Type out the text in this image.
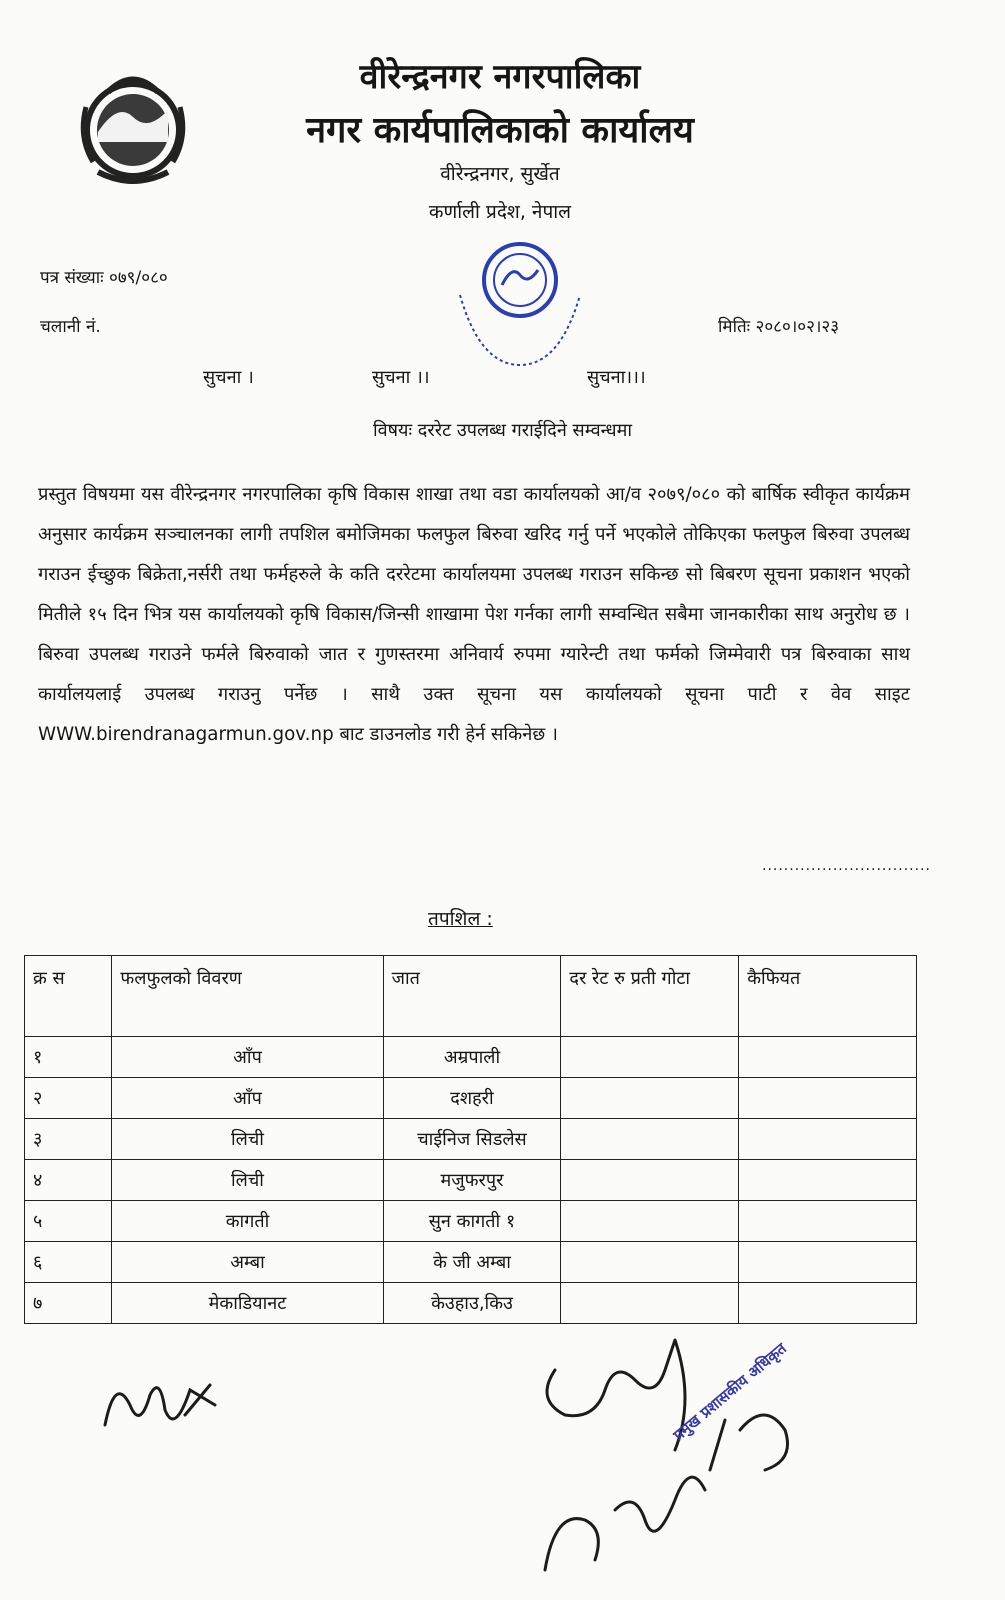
वीरेन्द्रनगर नगरपालिका
नगर कार्यपालिकाको कार्यालय
वीरेन्द्रनगर, सुर्खेत
कर्णाली प्रदेश, नेपाल
पत्र संख्याः ०७९/०८०
चलानी नं.	मितिः २०८०।०२।२३
सुचना ।	सुचना ।।	सुचना।।।
विषयः दररेट उपलब्ध गराईदिने सम्वन्धमा
प्रस्तुत विषयमा यस वीरेन्द्रनगर नगरपालिका कृषि विकास शाखा तथा वडा कार्यालयको आ/व २०७९/०८० को बार्षिक स्वीकृत कार्यक्रम अनुसार कार्यक्रम सञ्चालनका लागी तपशिल बमोजिमका फलफुल बिरुवा खरिद गर्नु पर्ने भएकोले तोकिएका फलफुल बिरुवा उपलब्ध गराउन ईच्छुक बिक्रेता,नर्सरी तथा फर्महरुले के कति दररेटमा कार्यालयमा उपलब्ध गराउन सकिन्छ सो बिबरण सूचना प्रकाशन भएको मितीले १५ दिन भित्र यस कार्यालयको कृषि विकास/जिन्सी शाखामा पेश गर्नका लागी सम्वन्धित सबैमा जानकारीका साथ अनुरोध छ । बिरुवा उपलब्ध गराउने फर्मले बिरुवाको जात र गुणस्तरमा अनिवार्य रुपमा ग्यारेन्टी तथा फर्मको जिम्मेवारी पत्र बिरुवाका साथ कार्यालयलाई उपलब्ध गराउनु पर्नेछ । साथै उक्त सूचना यस कार्यालयको सूचना पाटी र वेव साइट WWW.birendranagarmun.gov.np बाट डाउनलोड गरी हेर्न सकिनेछ ।
...............................
तपशिल :
क्र स	फलफुलको विवरण	जात	दर रेट रु प्रती गोटा	कैफियत
१	आँप	अम्रपाली		
२	आँप	दशहरी		
३	लिची	चाईनिज सिडलेस		
४	लिची	मजुफरपुर		
५	कागती	सुन कागती १		
६	अम्बा	के जी अम्बा		
७	मेकाडियानट	केउहाउ,किउ		
प्रमुख प्रशासकीय अधिकृत
